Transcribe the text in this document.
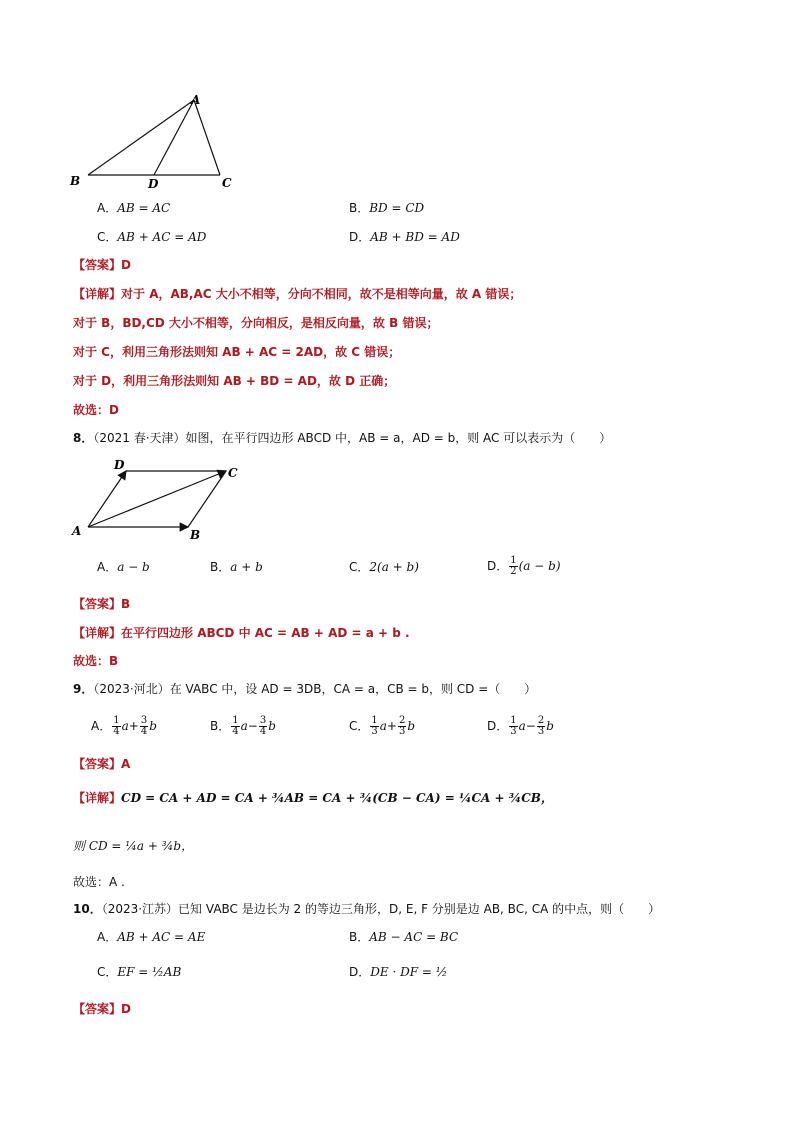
A
B	D	C
A．AB = AC	B．BD = CD
C．AB + AC = AD	D．AB + BD = AD
【答案】D
【详解】对于 A，AB,AC 大小不相等，分向不相同，故不是相等向量，故 A 错误；
对于 B，BD,CD 大小不相等，分向相反，是相反向量，故 B 错误；
对于 C，利用三角形法则知 AB + AC = 2AD，故 C 错误；
对于 D，利用三角形法则知 AB + BD = AD，故 D 正确；
故选：D
8．（2021 春·天津）如图，在平行四边形 ABCD 中，AB = a，AD = b，则 AC 可以表示为（　　）
D
C
A	B
A．a − b	B．a + b	C．2(a + b)	D． $\frac{1}{2} (a - b)$
【答案】B
【详解】在平行四边形 ABCD 中 AC = AB + AD = a + b .
故选：B
9．（2023·河北）在 VABC 中，设 AD = 3DB，CA = a，CB = b，则 CD =（　　）
A． $\frac{1}{4} a+ \frac{3}{4}$ b	B． $\frac{1}{4} a- \frac{3}{4}$ b	C． $\frac{1}{3} a+ \frac{2}{3}$ b	D． $\frac{1}{3} a- \frac{2}{3}$ b
【答案】A
【详解】CD = CA + AD = CA + ¾AB = CA + ¾(CB − CA) = ¼CA + ¾CB，
则 CD = ¼a + ¾b，
故选：A .
10．（2023·江苏）已知 VABC 是边长为 2 的等边三角形，D, E, F 分别是边 AB, BC, CA 的中点，则（　　）
A．AB + AC = AE	B．AB − AC = BC
C．EF = ½AB	D．DE · DF = ½
【答案】D
